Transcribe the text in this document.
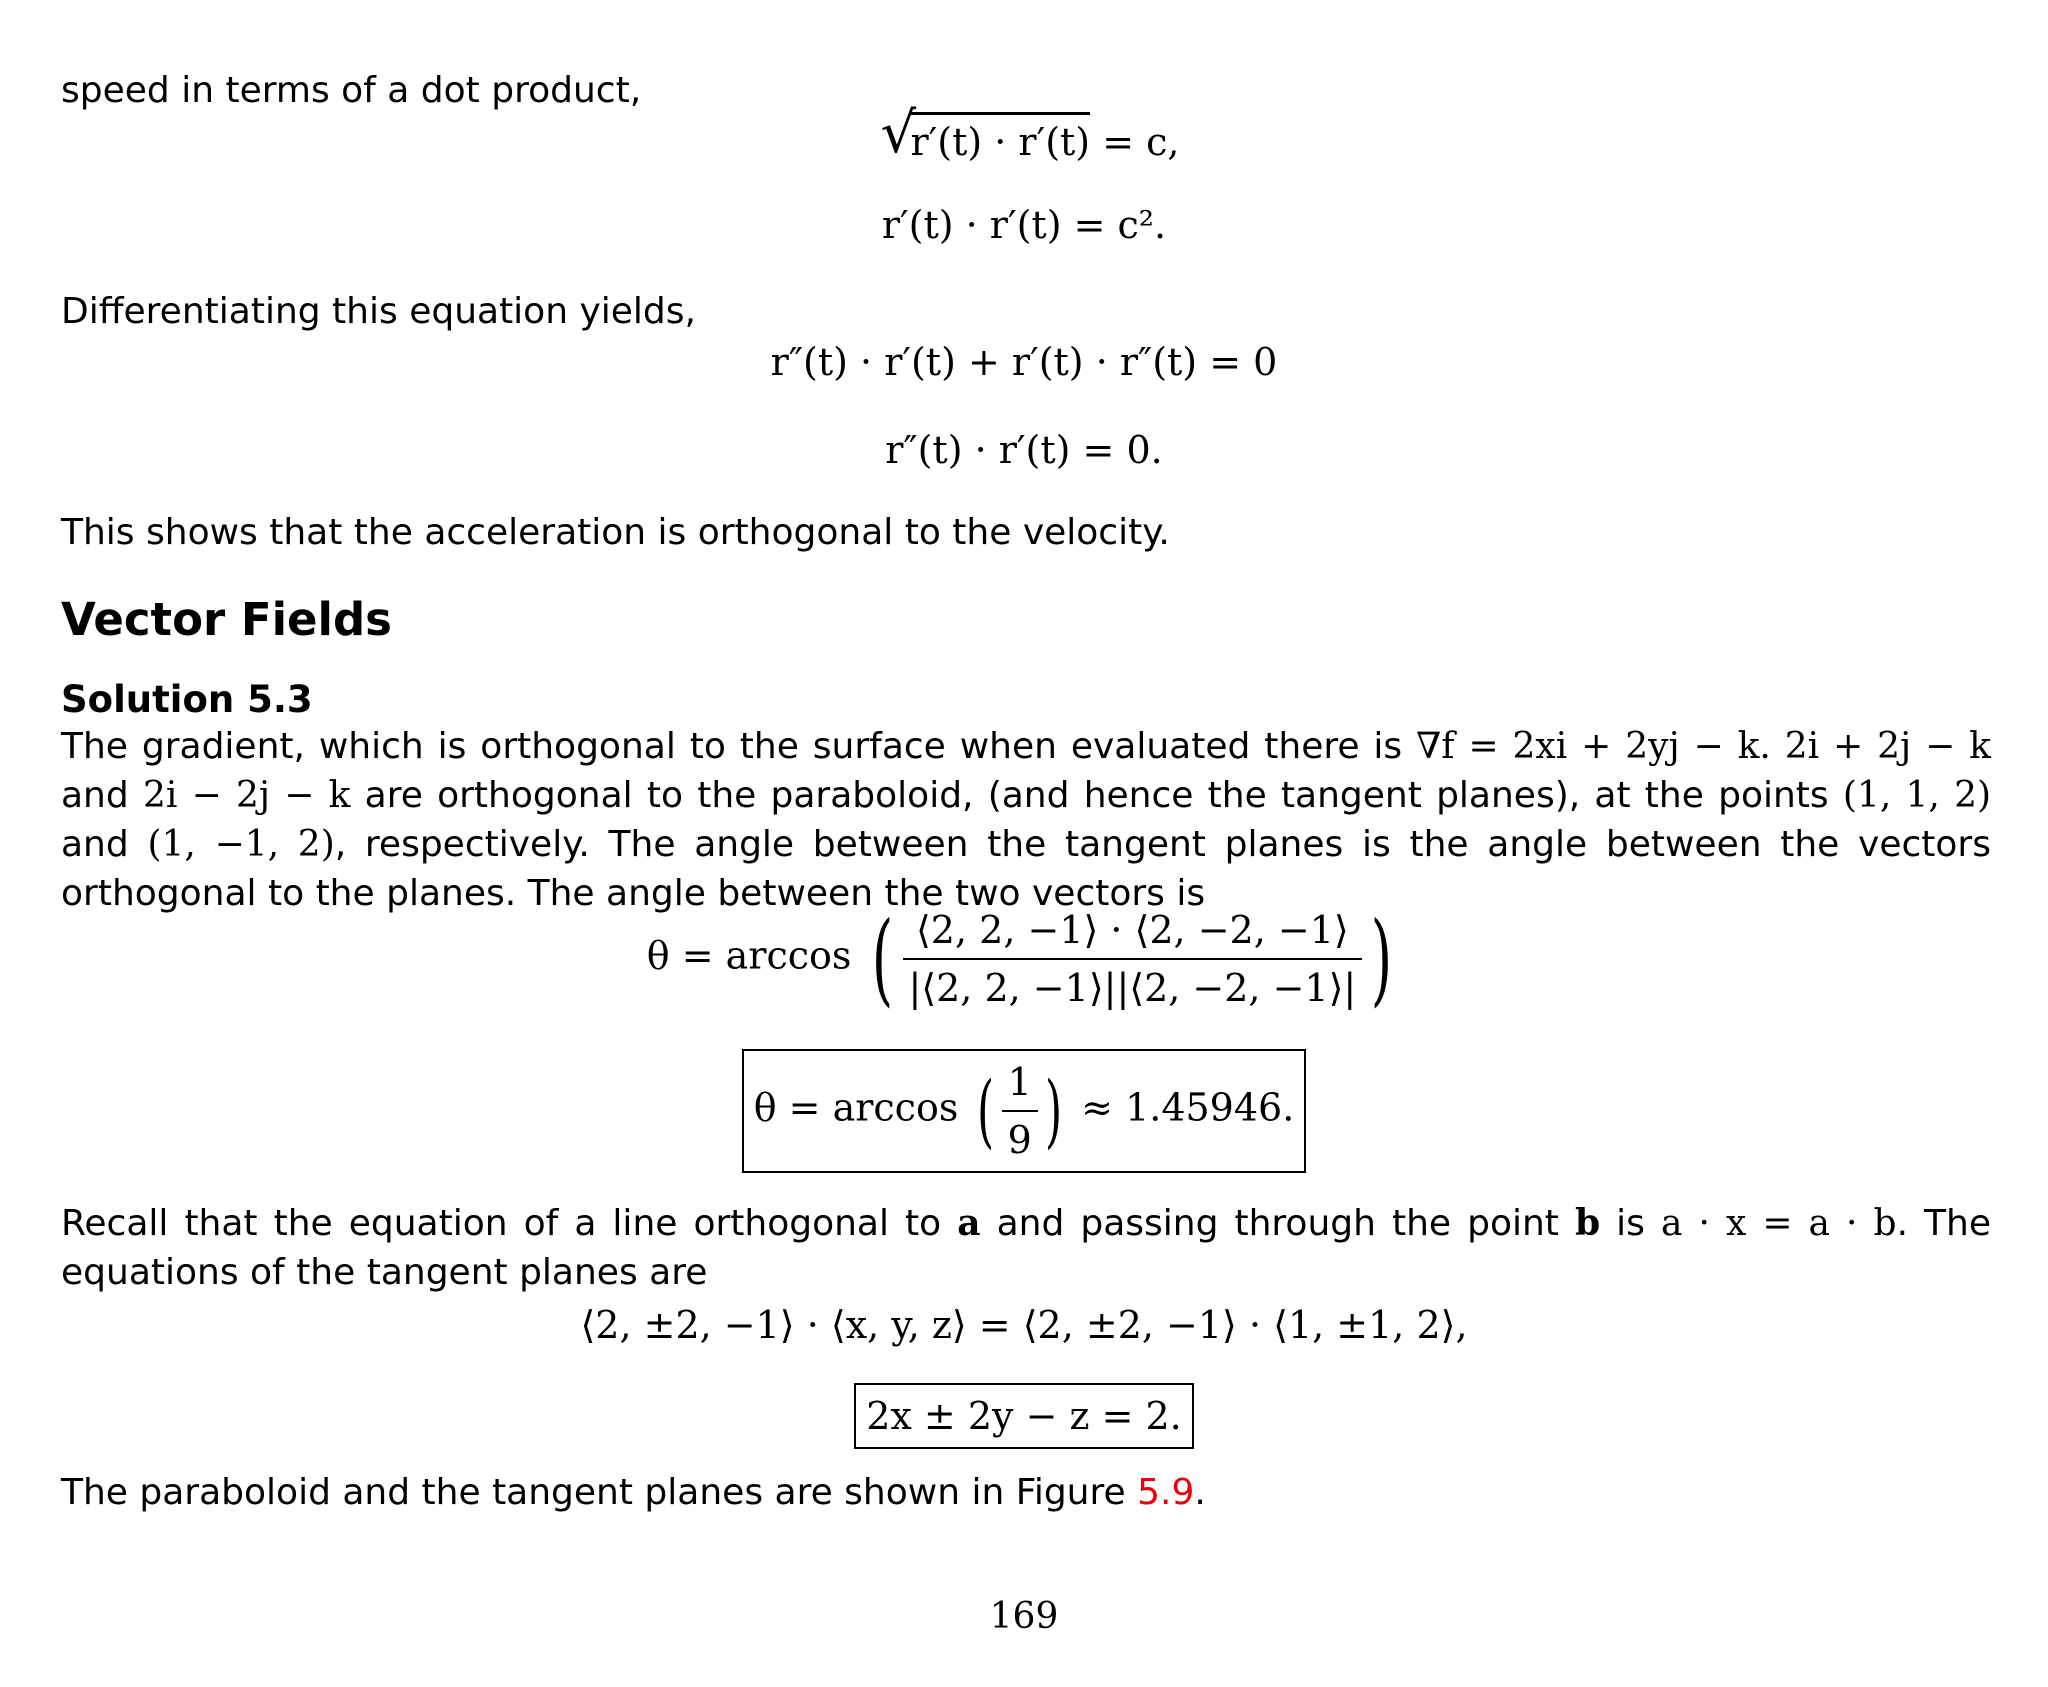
speed in terms of a dot product,
√
r′(t) · r′(t) = c,
r′(t) · r′(t) = c².
Differentiating this equation yields,
r″(t) · r′(t) + r′(t) · r″(t) = 0
r″(t) · r′(t) = 0.
This shows that the acceleration is orthogonal to the velocity.
Vector Fields
Solution 5.3
The gradient, which is orthogonal to the surface when evaluated there is ∇f = 2xi + 2yj − k. 2i + 2j − k and 2i − 2j − k are orthogonal to the paraboloid, (and hence the tangent planes), at the points (1, 1, 2) and (1, −1, 2), respectively. The angle between the tangent planes is the angle between the vectors orthogonal to the planes. The angle between the two vectors is
θ = arccos ( $\frac{⟨2, 2, -1⟩ \cdot ⟨2, -2, -1⟩}{|⟨2, 2, -1⟩||⟨2, -2, -1⟩|}$ )
θ = arccos ( $\frac{1}{9}$ ) ≈ 1.45946.
Recall that the equation of a line orthogonal to a and passing through the point b is a · x = a · b. The equations of the tangent planes are
⟨2, ±2, −1⟩ · ⟨x, y, z⟩ = ⟨2, ±2, −1⟩ · ⟨1, ±1, 2⟩,
2x ± 2y − z = 2.
The paraboloid and the tangent planes are shown in Figure 5.9.
169
